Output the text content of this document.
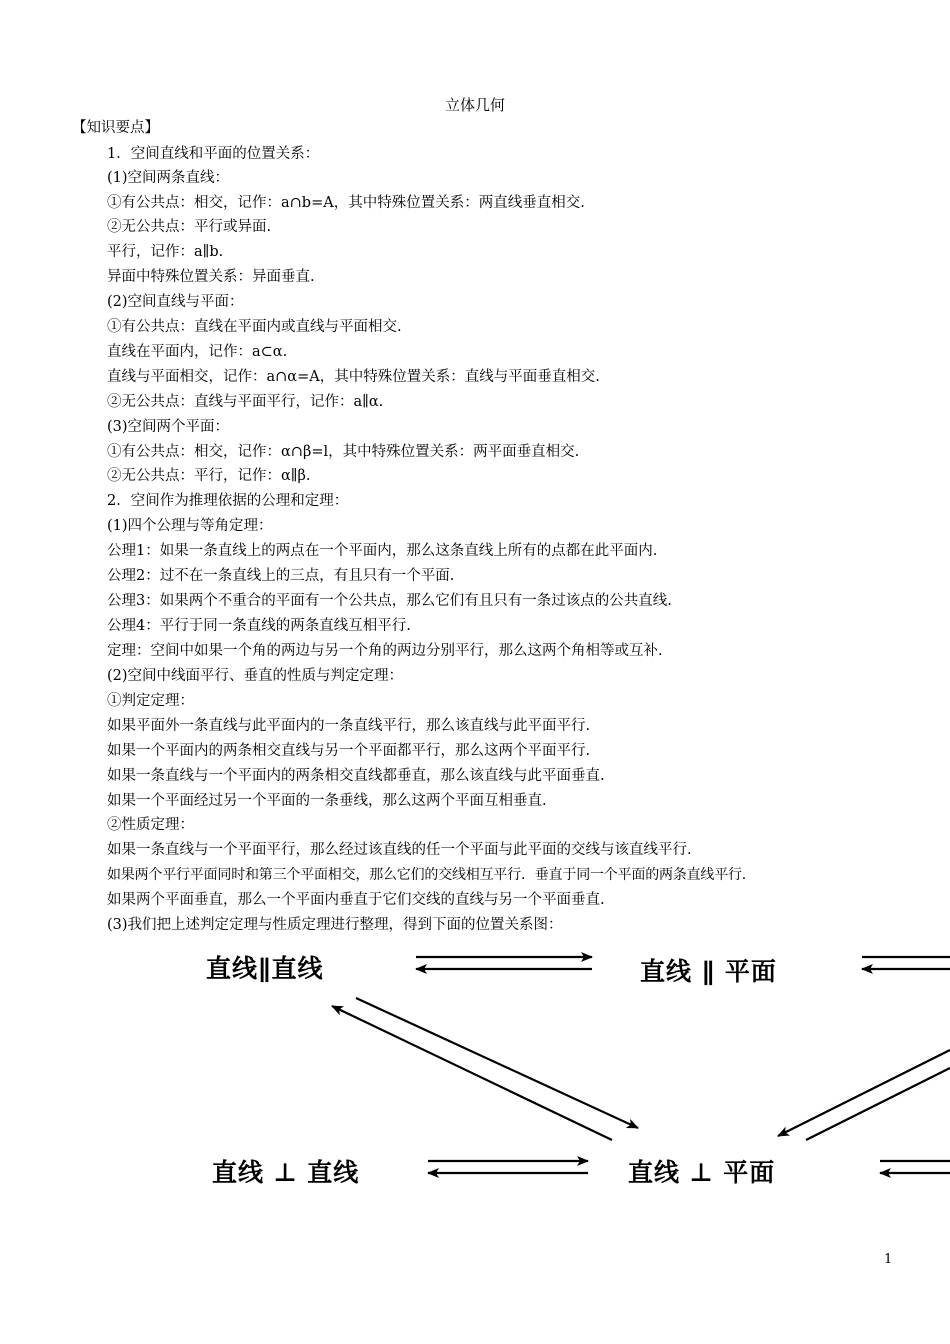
立体几何
【知识要点】
1．空间直线和平面的位置关系：
(1)空间两条直线：
①有公共点：相交，记作：a∩b=A，其中特殊位置关系：两直线垂直相交.
②无公共点：平行或异面.
平行，记作：a∥b.
异面中特殊位置关系：异面垂直.
(2)空间直线与平面：
①有公共点：直线在平面内或直线与平面相交.
直线在平面内，记作：a⊂α.
直线与平面相交，记作：a∩α=A，其中特殊位置关系：直线与平面垂直相交.
②无公共点：直线与平面平行，记作：a∥α.
(3)空间两个平面：
①有公共点：相交，记作：α∩β=l，其中特殊位置关系：两平面垂直相交.
②无公共点：平行，记作：α∥β.
2．空间作为推理依据的公理和定理：
(1)四个公理与等角定理：
公理1：如果一条直线上的两点在一个平面内，那么这条直线上所有的点都在此平面内.
公理2：过不在一条直线上的三点，有且只有一个平面.
公理3：如果两个不重合的平面有一个公共点，那么它们有且只有一条过该点的公共直线.
公理4：平行于同一条直线的两条直线互相平行.
定理：空间中如果一个角的两边与另一个角的两边分别平行，那么这两个角相等或互补.
(2)空间中线面平行、垂直的性质与判定定理：
①判定定理：
如果平面外一条直线与此平面内的一条直线平行，那么该直线与此平面平行.
如果一个平面内的两条相交直线与另一个平面都平行，那么这两个平面平行.
如果一条直线与一个平面内的两条相交直线都垂直，那么该直线与此平面垂直.
如果一个平面经过另一个平面的一条垂线，那么这两个平面互相垂直.
②性质定理：
如果一条直线与一个平面平行，那么经过该直线的任一个平面与此平面的交线与该直线平行.
如果两个平行平面同时和第三个平面相交，那么它们的交线相互平行．垂直于同一个平面的两条直线平行.
如果两个平面垂直，那么一个平面内垂直于它们交线的直线与另一个平面垂直.
(3)我们把上述判定定理与性质定理进行整理，得到下面的位置关系图：
直线∥直线	直线 ∥ 平面
直线 ⊥ 直线	直线 ⊥ 平面
1
